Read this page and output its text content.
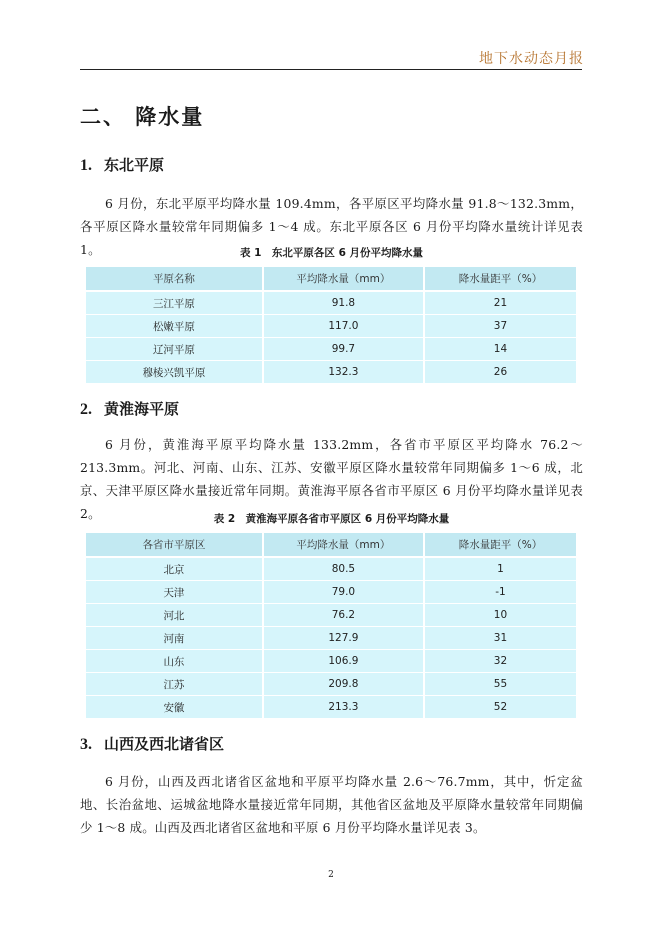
地下水动态月报
二、 降水量
1. 东北平原
6 月份，东北平原平均降水量 109.4mm，各平原区平均降水量 91.8～132.3mm，各平原区降水量较常年同期偏多 1～4 成。东北平原各区 6 月份平均降水量统计详见表 1。	表 1　东北平原各区 6 月份平均降水量
平原名称	平均降水量（mm）	降水量距平（%）
三江平原	91.8	21
松嫩平原	117.0	37
辽河平原	99.7	14
穆棱兴凯平原	132.3	26
2. 黄淮海平原
6 月份，黄淮海平原平均降水量 133.2mm，各省市平原区平均降水 76.2～213.3mm。河北、河南、山东、江苏、安徽平原区降水量较常年同期偏多 1～6 成，北京、天津平原区降水量接近常年同期。黄淮海平原各省市平原区 6 月份平均降水量详见表 2。	表 2　黄淮海平原各省市平原区 6 月份平均降水量
各省市平原区	平均降水量（mm）	降水量距平（%）
北京	80.5	1
天津	79.0	-1
河北	76.2	10
河南	127.9	31
山东	106.9	32
江苏	209.8	55
安徽	213.3	52
3. 山西及西北诸省区
6 月份，山西及西北诸省区盆地和平原平均降水量 2.6～76.7mm，其中，忻定盆地、长治盆地、运城盆地降水量接近常年同期，其他省区盆地及平原降水量较常年同期偏少 1～8 成。山西及西北诸省区盆地和平原 6 月份平均降水量详见表 3。
2
